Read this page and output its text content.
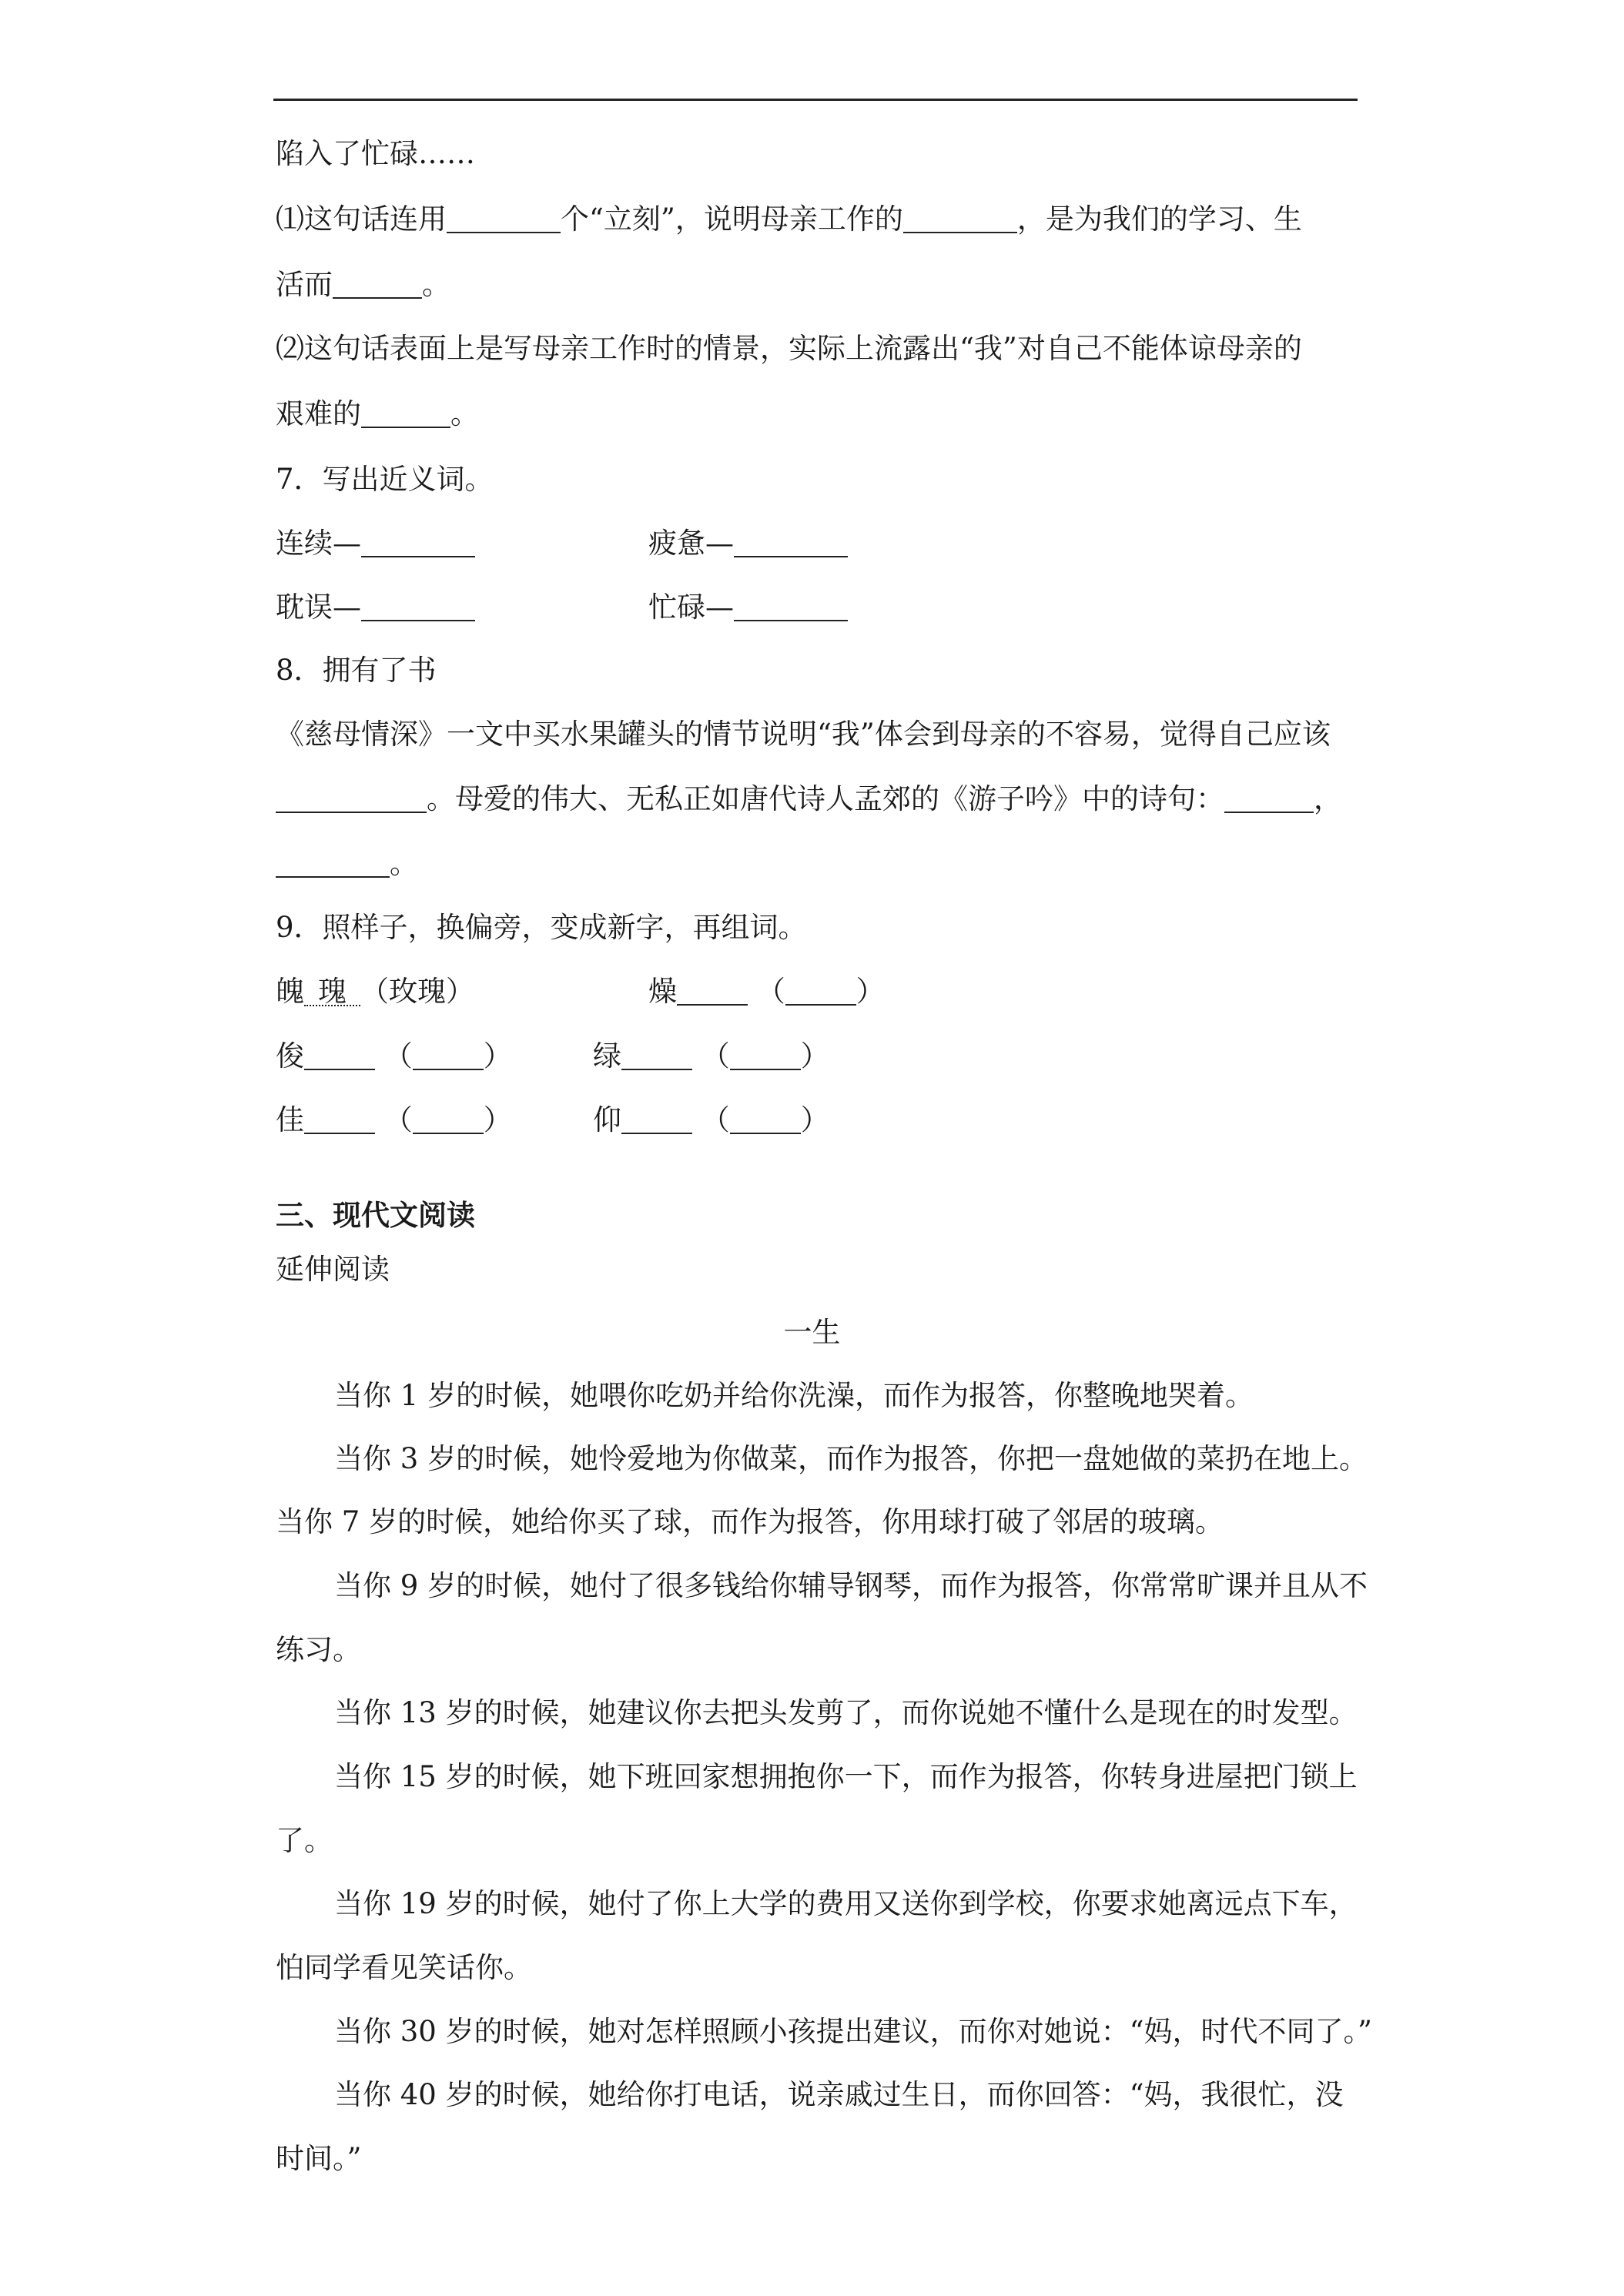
陷入了忙碌……
⑴这句话连用	个“立刻”，说明母亲工作的	，是为我们的学习、生
活而	。
⑵这句话表面上是写母亲工作时的情景，实际上流露出“我”对自己不能体谅母亲的
艰难的	。
7．写出近义词。
连续—	疲惫—
耽误—	忙碌—
8．拥有了书
《慈母情深》一文中买水果罐头的情节说明“我”体会到母亲的不容易，觉得自己应该
。母爱的伟大、无私正如唐代诗人孟郊的《游子吟》中的诗句：	，
。
9．照样子，换偏旁，变成新字，再组词。
魄 瑰 （玫瑰）	燥	（ ）
俊	（ ）	绿	（ ）
佳	（ ）	仰	（ ）
三、现代文阅读
延伸阅读
一生
当你 1 岁的时候，她喂你吃奶并给你洗澡，而作为报答，你整晚地哭着。
当你 3 岁的时候，她怜爱地为你做菜，而作为报答，你把一盘她做的菜扔在地上。
当你 7 岁的时候，她给你买了球，而作为报答，你用球打破了邻居的玻璃。
当你 9 岁的时候，她付了很多钱给你辅导钢琴，而作为报答，你常常旷课并且从不
练习。
当你 13 岁的时候，她建议你去把头发剪了，而你说她不懂什么是现在的时发型。
当你 15 岁的时候，她下班回家想拥抱你一下，而作为报答，你转身进屋把门锁上
了。
当你 19 岁的时候，她付了你上大学的费用又送你到学校，你要求她离远点下车，
怕同学看见笑话你。
当你 30 岁的时候，她对怎样照顾小孩提出建议，而你对她说：“妈，时代不同了。”
当你 40 岁的时候，她给你打电话，说亲戚过生日，而你回答：“妈，我很忙，没
时间。”
